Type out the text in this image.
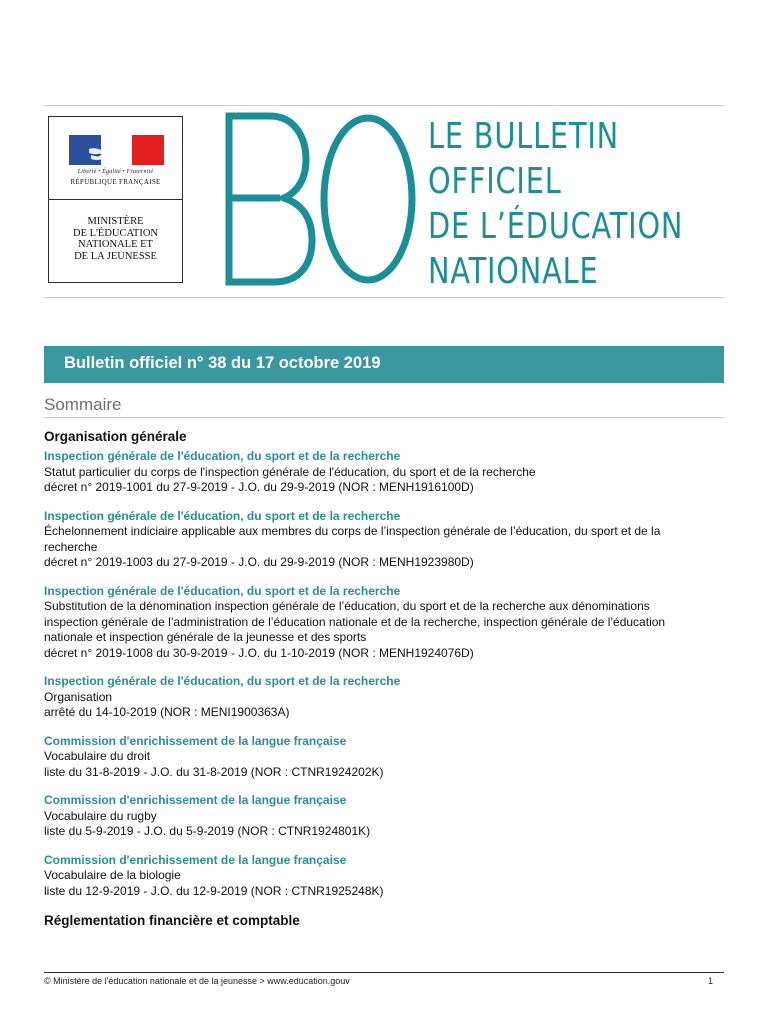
Liberté • Égalité • Fraternité
RÉPUBLIQUE FRANÇAISE
MINISTÈRE
DE L'ÉDUCATION
NATIONALE ET
DE LA JEUNESSE
BO
LE BULLETIN
OFFICIEL
DE L’ÉDUCATION
NATIONALE
Bulletin officiel n° 38 du 17 octobre 2019
Sommaire
Organisation générale
Inspection générale de l'éducation, du sport et de la recherche
Statut particulier du corps de l'inspection générale de l'éducation, du sport et de la recherche
décret n° 2019-1001 du 27-9-2019 - J.O. du 29-9-2019 (NOR : MENH1916100D)
Inspection générale de l'éducation, du sport et de la recherche
Échelonnement indiciaire applicable aux membres du corps de l’inspection générale de l’éducation, du sport et de la
recherche
décret n° 2019-1003 du 27-9-2019 - J.O. du 29-9-2019 (NOR : MENH1923980D)
Inspection générale de l'éducation, du sport et de la recherche
Substitution de la dénomination inspection générale de l’éducation, du sport et de la recherche aux dénominations
inspection générale de l’administration de l’éducation nationale et de la recherche, inspection générale de l’éducation
nationale et inspection générale de la jeunesse et des sports
décret n° 2019-1008 du 30-9-2019 - J.O. du 1-10-2019 (NOR : MENH1924076D)
Inspection générale de l'éducation, du sport et de la recherche
Organisation
arrêté du 14-10-2019 (NOR : MENI1900363A)
Commission d'enrichissement de la langue française
Vocabulaire du droit
liste du 31-8-2019 - J.O. du 31-8-2019 (NOR : CTNR1924202K)
Commission d'enrichissement de la langue française
Vocabulaire du rugby
liste du 5-9-2019 - J.O. du 5-9-2019 (NOR : CTNR1924801K)
Commission d'enrichissement de la langue française
Vocabulaire de la biologie
liste du 12-9-2019 - J.O. du 12-9-2019 (NOR : CTNR1925248K)
Réglementation financière et comptable
© Ministère de l'éducation nationale et de la jeunesse > www.education.gouv	1
